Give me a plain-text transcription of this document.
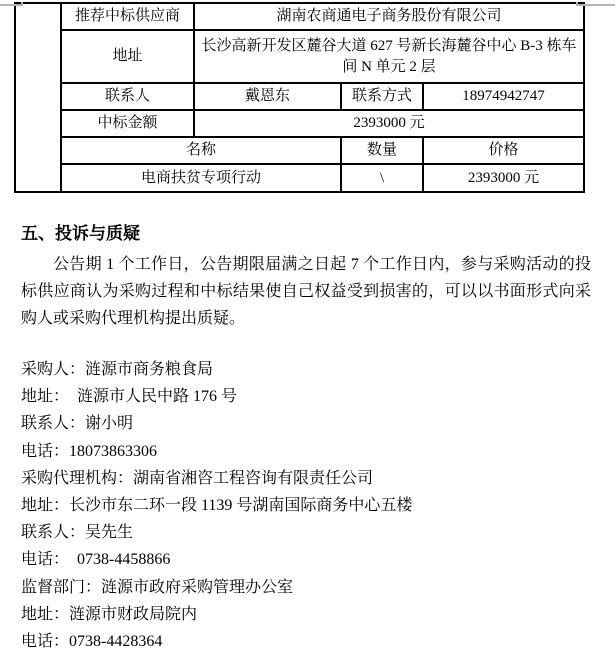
	推荐中标供应商	湖南农商通电子商务股份有限公司		
	地址	长沙高新开发区麓谷大道 627 号新长海麓谷中心 B-3 栋车间 N 单元 2 层		
	联系人	戴恩东	联系方式	18974942747
	中标金额	2393000 元		
	名称		数量	价格
	电商扶贫专项行动		\	2393000 元
五、投诉与质疑
公告期 1 个工作日，公告期限届满之日起 7 个工作日内，参与采购活动的投标供应商认为采购过程和中标结果使自己权益受到损害的，可以以书面形式向采购人或采购代理机构提出质疑。
采购人：涟源市商务粮食局
地址：  涟源市人民中路 176 号
联系人：谢小明
电话：18073863306
采购代理机构：湖南省湘咨工程咨询有限责任公司
地址：长沙市东二环一段 1139 号湖南国际商务中心五楼
联系人：吴先生
电话：  0738-4458866
监督部门：涟源市政府采购管理办公室
地址：涟源市财政局院内
电话：0738-4428364
